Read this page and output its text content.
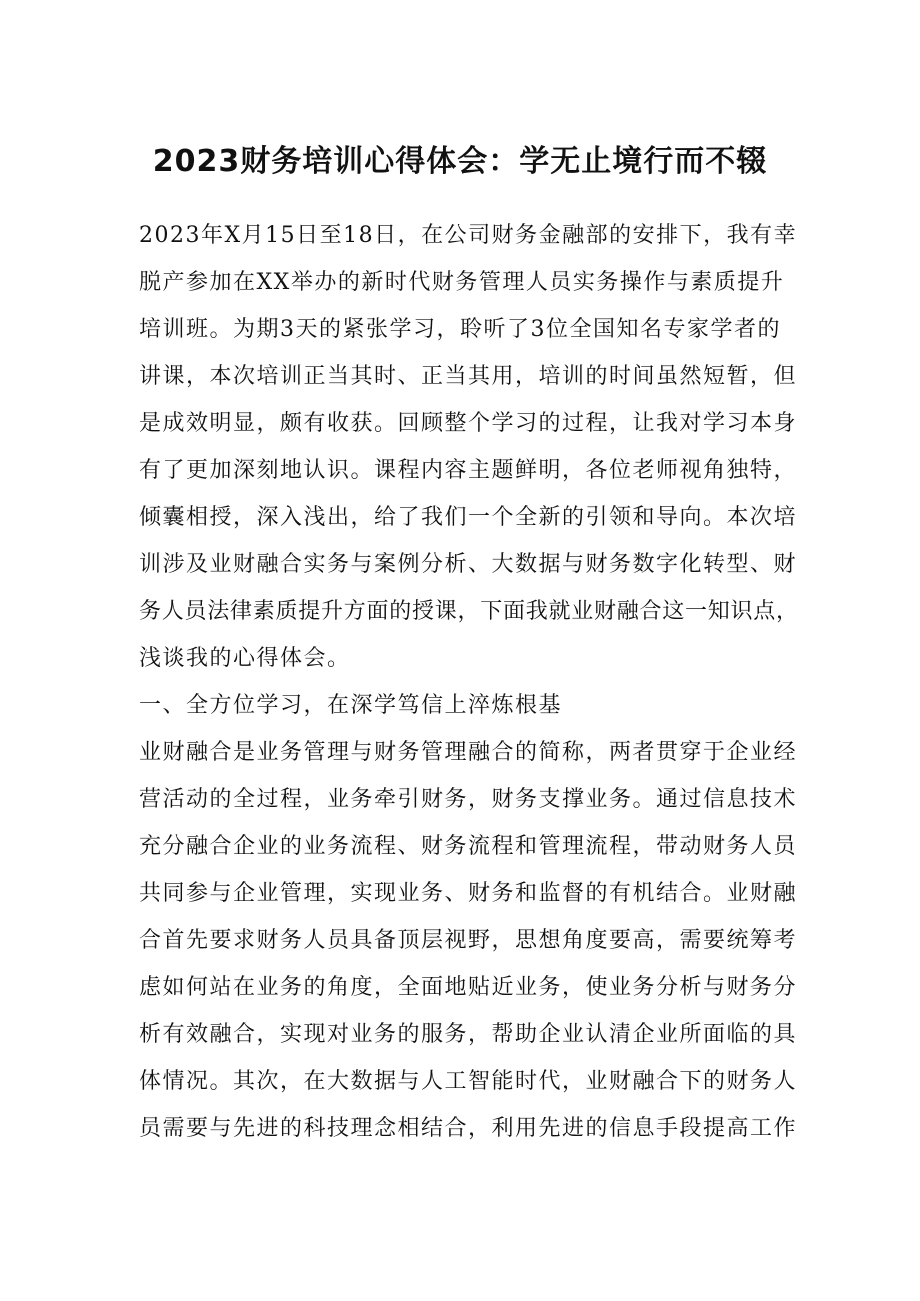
2023财务培训心得体会：学无止境行而不辍
2023年X月15日至18日，在公司财务金融部的安排下，我有幸
脱产参加在XX举办的新时代财务管理人员实务操作与素质提升
培训班。为期3天的紧张学习，聆听了3位全国知名专家学者的
讲课，本次培训正当其时、正当其用，培训的时间虽然短暂，但
是成效明显，颇有收获。回顾整个学习的过程，让我对学习本身
有了更加深刻地认识。课程内容主题鲜明，各位老师视角独特，
倾囊相授，深入浅出，给了我们一个全新的引领和导向。本次培
训涉及业财融合实务与案例分析、大数据与财务数字化转型、财
务人员法律素质提升方面的授课，下面我就业财融合这一知识点，
浅谈我的心得体会。
一、全方位学习，在深学笃信上淬炼根基
业财融合是业务管理与财务管理融合的简称，两者贯穿于企业经
营活动的全过程，业务牵引财务，财务支撑业务。通过信息技术
充分融合企业的业务流程、财务流程和管理流程，带动财务人员
共同参与企业管理，实现业务、财务和监督的有机结合。业财融
合首先要求财务人员具备顶层视野，思想角度要高，需要统筹考
虑如何站在业务的角度，全面地贴近业务，使业务分析与财务分
析有效融合，实现对业务的服务，帮助企业认清企业所面临的具
体情况。其次，在大数据与人工智能时代，业财融合下的财务人
员需要与先进的科技理念相结合，利用先进的信息手段提高工作
